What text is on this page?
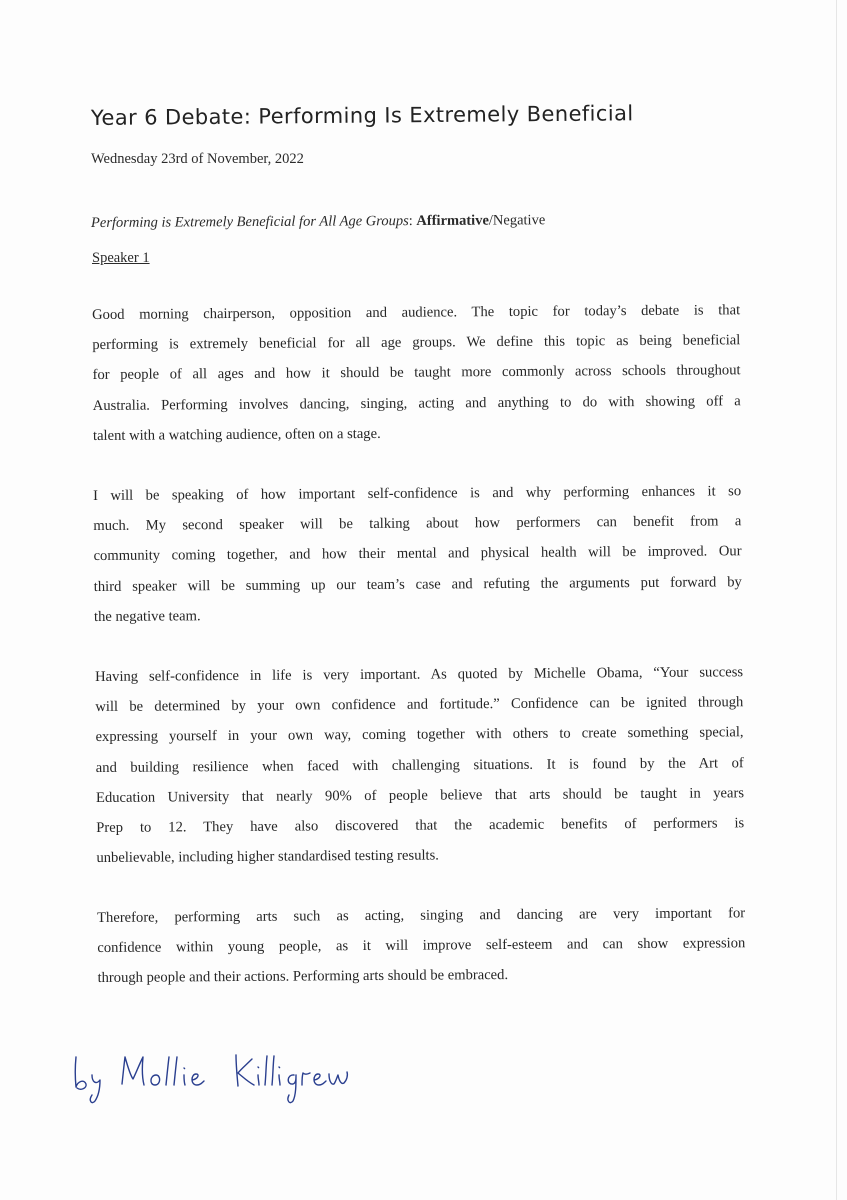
Year 6 Debate: Performing Is Extremely Beneficial
Wednesday 23rd of November, 2022
Performing is Extremely Beneficial for All Age Groups: Affirmative/Negative
Speaker 1
Good morning chairperson, opposition and audience. The topic for today’s debate is that
performing is extremely beneficial for all age groups. We define this topic as being beneficial
for people of all ages and how it should be taught more commonly across schools throughout
Australia. Performing involves dancing, singing, acting and anything to do with showing off a
talent with a watching audience, often on a stage.
I will be speaking of how important self-confidence is and why performing enhances it so
much. My second speaker will be talking about how performers can benefit from a
community coming together, and how their mental and physical health will be improved. Our
third speaker will be summing up our team’s case and refuting the arguments put forward by
the negative team.
Having self-confidence in life is very important. As quoted by Michelle Obama, “Your success
will be determined by your own confidence and fortitude.” Confidence can be ignited through
expressing yourself in your own way, coming together with others to create something special,
and building resilience when faced with challenging situations. It is found by the Art of
Education University that nearly 90% of people believe that arts should be taught in years
Prep to 12. They have also discovered that the academic benefits of performers is
unbelievable, including higher standardised testing results.
Therefore, performing arts such as acting, singing and dancing are very important for
confidence within young people, as it will improve self-esteem and can show expression
through people and their actions. Performing arts should be embraced.
